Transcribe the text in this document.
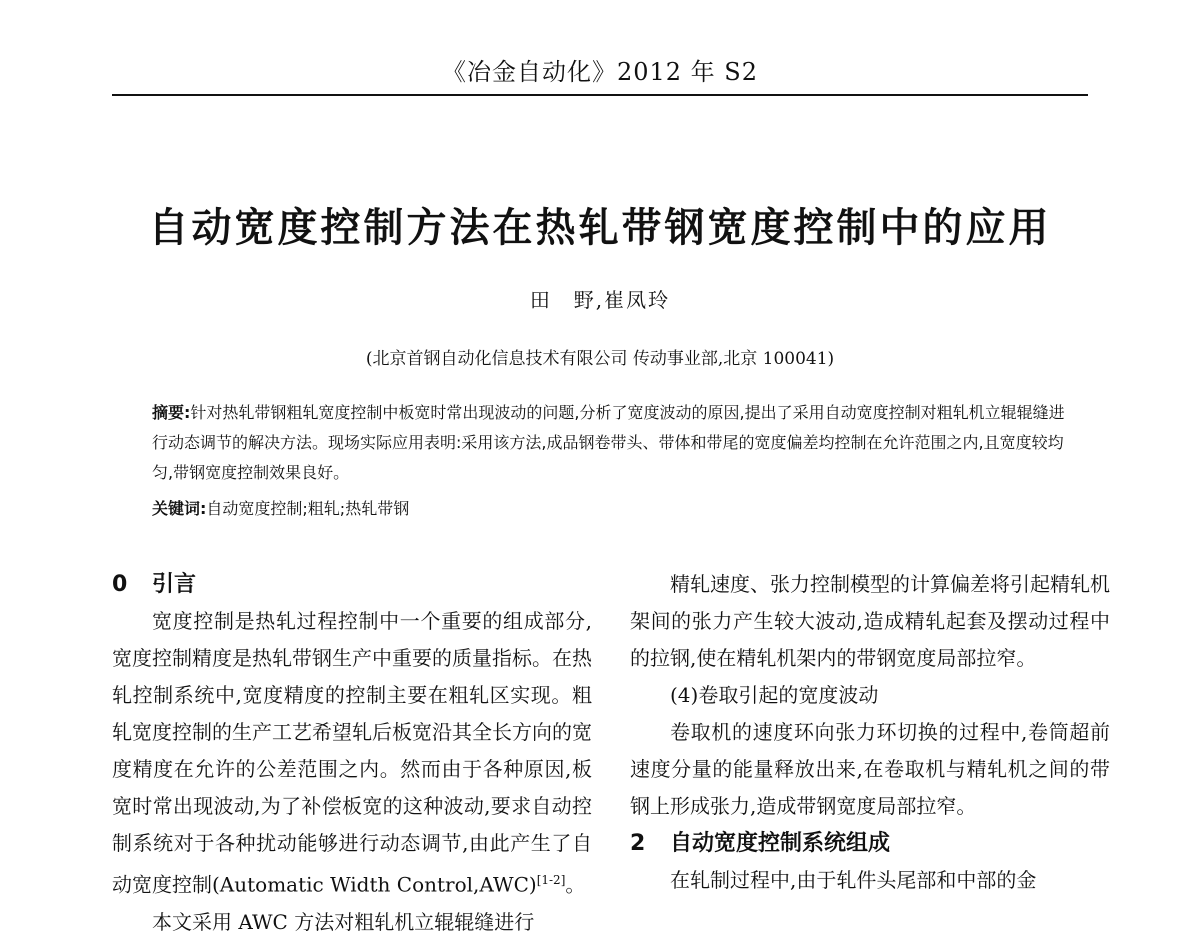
《冶金自动化》2012 年 S2
自动宽度控制方法在热轧带钢宽度控制中的应用
田　野,崔凤玲
(北京首钢自动化信息技术有限公司 传动事业部,北京 100041)
摘要:针对热轧带钢粗轧宽度控制中板宽时常出现波动的问题,分析了宽度波动的原因,提出了采用自动宽度控制对粗轧机立辊辊缝进行动态调节的解决方法。现场实际应用表明:采用该方法,成品钢卷带头、带体和带尾的宽度偏差均控制在允许范围之内,且宽度较均匀,带钢宽度控制效果良好。
关键词:自动宽度控制;粗轧;热轧带钢
0 引言

宽度控制是热轧过程控制中一个重要的组成部分,宽度控制精度是热轧带钢生产中重要的质量指标。在热轧控制系统中,宽度精度的控制主要在粗轧区实现。粗轧宽度控制的生产工艺希望轧后板宽沿其全长方向的宽度精度在允许的公差范围之内。然而由于各种原因,板宽时常出现波动,为了补偿板宽的这种波动,要求自动控制系统对于各种扰动能够进行动态调节,由此产生了自动宽度控制(Automatic Width Control,AWC)[1-2]。

本文采用 AWC 方法对粗轧机立辊辊缝进行

精轧速度、张力控制模型的计算偏差将引起精轧机架间的张力产生较大波动,造成精轧起套及摆动过程中的拉钢,使在精轧机架内的带钢宽度局部拉窄。

(4)卷取引起的宽度波动

卷取机的速度环向张力环切换的过程中,卷筒超前速度分量的能量释放出来,在卷取机与精轧机之间的带钢上形成张力,造成带钢宽度局部拉窄。

2 自动宽度控制系统组成

在轧制过程中,由于轧件头尾部和中部的金
